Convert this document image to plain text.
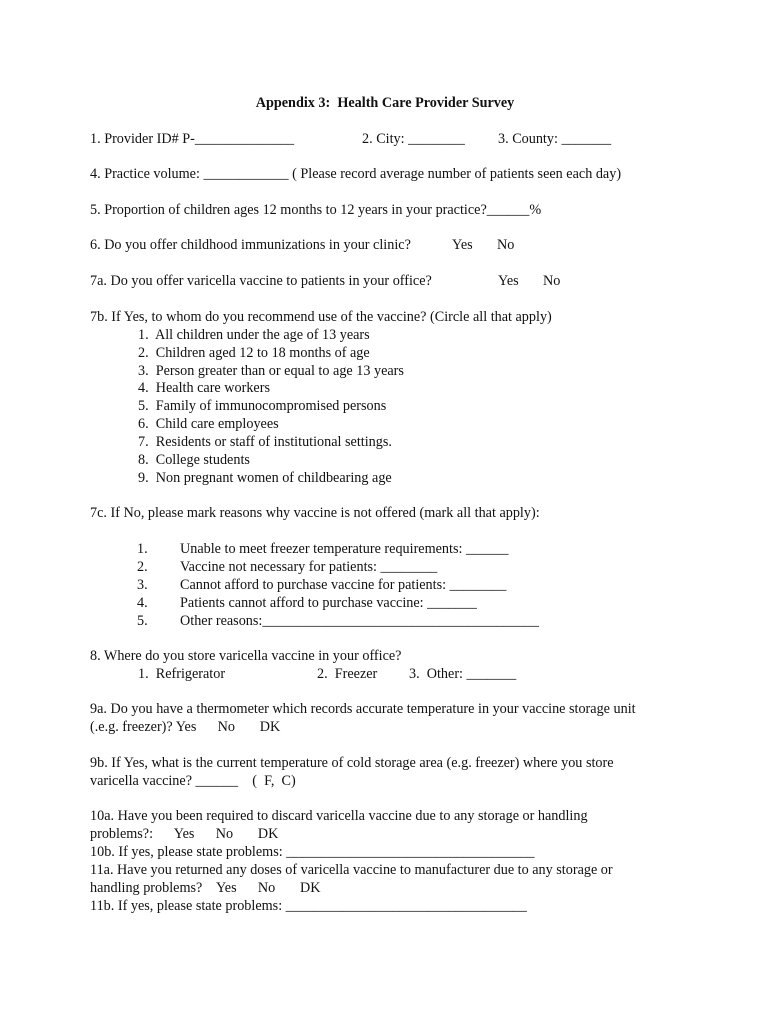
Appendix 3:  Health Care Provider Survey
1. Provider ID# P-______________	2. City: ________ 3. County: _______
4. Practice volume: ____________ ( Please record average number of patients seen each day)
5. Proportion of children ages 12 months to 12 years in your practice?______%
6. Do you offer childhood immunizations in your clinic?	Yes No
7a. Do you offer varicella vaccine to patients in your office?	Yes No
7b. If Yes, to whom do you recommend use of the vaccine? (Circle all that apply)
1.  All children under the age of 13 years
2.  Children aged 12 to 18 months of age
3.  Person greater than or equal to age 13 years
4.  Health care workers
5.  Family of immunocompromised persons
6.  Child care employees
7.  Residents or staff of institutional settings.
8.  College students
9.  Non pregnant women of childbearing age
7c. If No, please mark reasons why vaccine is not offered (mark all that apply):
1. Unable to meet freezer temperature requirements: ______
2. Vaccine not necessary for patients: ________
3. Cannot afford to purchase vaccine for patients: ________
4. Patients cannot afford to purchase vaccine: _______
5. Other reasons:_______________________________________
8. Where do you store varicella vaccine in your office?
1.  Refrigerator	2.  Freezer 3.  Other: _______
9a. Do you have a thermometer which records accurate temperature in your vaccine storage unit
(.e.g. freezer)? Yes      No       DK
9b. If Yes, what is the current temperature of cold storage area (e.g. freezer) where you store
varicella vaccine? ______    (  F,  C)
10a. Have you been required to discard varicella vaccine due to any storage or handling
problems?:      Yes      No       DK
10b. If yes, please state problems: ___________________________________
11a. Have you returned any doses of varicella vaccine to manufacturer due to any storage or
handling problems?    Yes      No       DK
11b. If yes, please state problems: __________________________________
